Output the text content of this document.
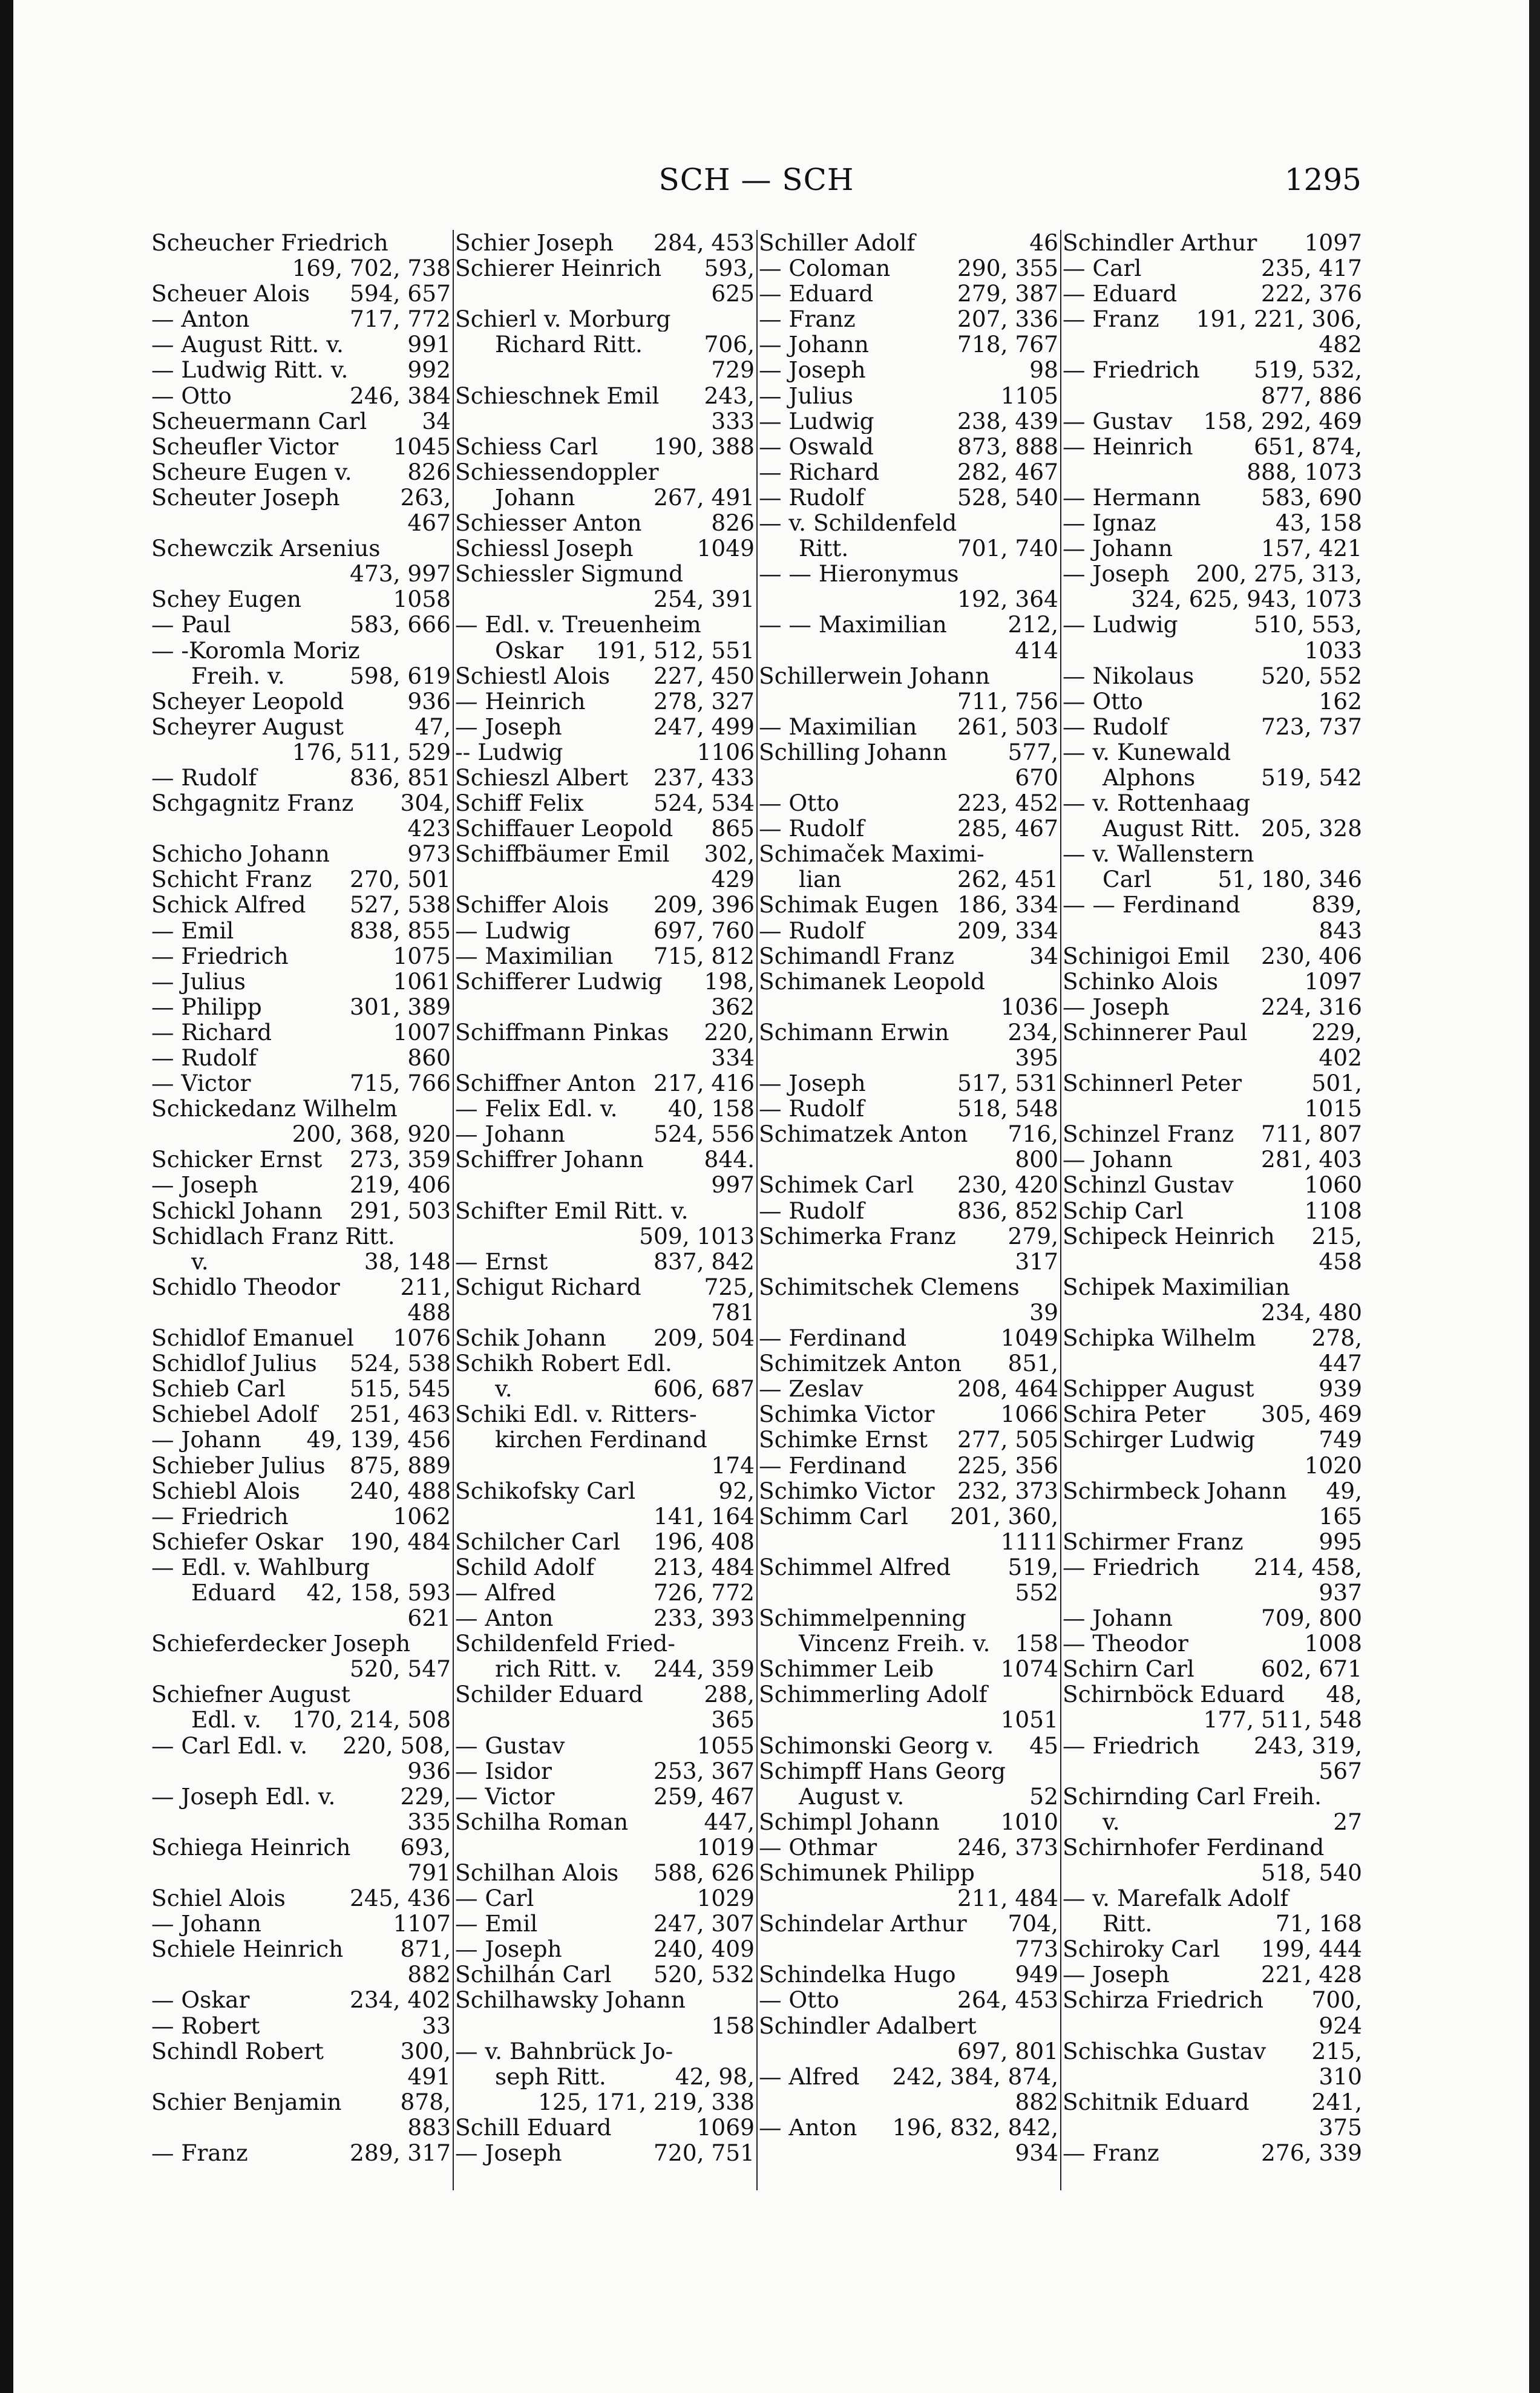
SCH — SCH	1295
Scheucher Friedrich
169, 702, 738
Scheuer Alois 594, 657
— Anton	717, 772
— August Ritt. v.	991
— Ludwig Ritt. v.	992
— Otto	246, 384
Scheuermann Carl 34
Scheufler Victor 1045
Scheure Eugen v. 826
Scheuter Joseph	263,
467
Schewczik Arsenius
473, 997
Schey Eugen	1058
— Paul	583, 666
— -Koromla Moriz
Freih. v.	598, 619
Scheyer Leopold	936
Scheyrer August	47,
176, 511, 529
— Rudolf	836, 851
Schgagnitz Franz 304,
423
Schicho Johann	973
Schicht Franz 270, 501
Schick Alfred 527, 538
— Emil	838, 855
— Friedrich	1075
— Julius	1061
— Philipp	301, 389
— Richard	1007
— Rudolf	860
— Victor	715, 766
Schickedanz Wilhelm
200, 368, 920
Schicker Ernst 273, 359
— Joseph	219, 406
Schickl Johann 291, 503
Schidlach Franz Ritt.
v.	38, 148
Schidlo Theodor	211,
488
Schidlof Emanuel 1076
Schidlof Julius 524, 538
Schieb Carl	515, 545
Schiebel Adolf 251, 463
— Johann 49, 139, 456
Schieber Julius 875, 889
Schiebl Alois 240, 488
— Friedrich	1062
Schiefer Oskar 190, 484
— Edl. v. Wahlburg
Eduard 42, 158, 593
621
Schieferdecker Joseph
520, 547
Schiefner August
Edl. v. 170, 214, 508
— Carl Edl. v. 220, 508,
936
— Joseph Edl. v.	229,
335
Schiega Heinrich 693,
791
Schiel Alois	245, 436
— Johann	1107
Schiele Heinrich	871,
882
— Oskar	234, 402
— Robert	33
Schindl Robert	300,
491
Schier Benjamin	878,
883
— Franz	289, 317
Schier Joseph 284, 453
Schierer Heinrich 593,
625
Schierl v. Morburg
Richard Ritt.	706,
729
Schieschnek Emil 243,
333
Schiess Carl 190, 388
Schiessendoppler
Johann	267, 491
Schiesser Anton	826
Schiessl Joseph	1049
Schiessler Sigmund
254, 391
— Edl. v. Treuenheim
Oskar 191, 512, 551
Schiestl Alois 227, 450
— Heinrich	278, 327
— Joseph	247, 499
-- Ludwig	1106
Schieszl Albert 237, 433
Schiff Felix	524, 534
Schiffauer Leopold 865
Schiffbäumer Emil 302,
429
Schiffer Alois 209, 396
— Ludwig	697, 760
— Maximilian 715, 812
Schifferer Ludwig 198,
362
Schiffmann Pinkas 220,
334
Schiffner Anton 217, 416
— Felix Edl. v. 40, 158
— Johann	524, 556
Schiffrer Johann	844.
997
Schifter Emil Ritt. v.
509, 1013
— Ernst	837, 842
Schigut Richard	725,
781
Schik Johann 209, 504
Schikh Robert Edl.
v.	606, 687
Schiki Edl. v. Ritters-
kirchen Ferdinand
174
Schikofsky Carl	92,
141, 164
Schilcher Carl 196, 408
Schild Adolf	213, 484
— Alfred	726, 772
— Anton	233, 393
Schildenfeld Fried-
rich Ritt. v. 244, 359
Schilder Eduard	288,
365
— Gustav	1055
— Isidor	253, 367
— Victor	259, 467
Schilha Roman	447,
1019
Schilhan Alois 588, 626
— Carl	1029
— Emil	247, 307
— Joseph	240, 409
Schilhán Carl 520, 532
Schilhawsky Johann
158
— v. Bahnbrück Jo-
seph Ritt.	42, 98,
125, 171, 219, 338
Schill Eduard	1069
— Joseph	720, 751
Schiller Adolf	46
— Coloman	290, 355
— Eduard	279, 387
— Franz	207, 336
— Johann	718, 767
— Joseph	98
— Julius	1105
— Ludwig	238, 439
— Oswald	873, 888
— Richard	282, 467
— Rudolf	528, 540
— v. Schildenfeld
Ritt.	701, 740
— — Hieronymus
192, 364
— — Maximilian	212,
414
Schillerwein Johann
711, 756
— Maximilian 261, 503
Schilling Johann	577,
670
— Otto	223, 452
— Rudolf	285, 467
Schimaček Maximi-
lian	262, 451
Schimak Eugen 186, 334
— Rudolf	209, 334
Schimandl Franz	34
Schimanek Leopold
1036
Schimann Erwin	234,
395
— Joseph	517, 531
— Rudolf	518, 548
Schimatzek Anton 716,
800
Schimek Carl 230, 420
— Rudolf	836, 852
Schimerka Franz 279,
317
Schimitschek Clemens
39
— Ferdinand	1049
Schimitzek Anton 851,
— Zeslav	208, 464
Schimka Victor	1066
Schimke Ernst 277, 505
— Ferdinand 225, 356
Schimko Victor 232, 373
Schimm Carl 201, 360,
1111
Schimmel Alfred	519,
552
Schimmelpenning
Vincenz Freih. v. 158
Schimmer Leib	1074
Schimmerling Adolf
1051
Schimonski Georg v. 45
Schimpff Hans Georg
August v.	52
Schimpl Johann	1010
— Othmar	246, 373
Schimunek Philipp
211, 484
Schindelar Arthur 704,
773
Schindelka Hugo	949
— Otto	264, 453
Schindler Adalbert
697, 801
— Alfred 242, 384, 874,
882
— Anton 196, 832, 842,
934
Schindler Arthur 1097
— Carl	235, 417
— Eduard	222, 376
— Franz 191, 221, 306,
482
— Friedrich 519, 532,
877, 886
— Gustav 158, 292, 469
— Heinrich	651, 874,
888, 1073
— Hermann	583, 690
— Ignaz	43, 158
— Johann	157, 421
— Joseph 200, 275, 313,
324, 625, 943, 1073
— Ludwig	510, 553,
1033
— Nikolaus	520, 552
— Otto	162
— Rudolf	723, 737
— v. Kunewald
Alphons	519, 542
— v. Rottenhaag
August Ritt. 205, 328
— v. Wallenstern
Carl	51, 180, 346
— — Ferdinand	839,
843
Schinigoi Emil 230, 406
Schinko Alois	1097
— Joseph	224, 316
Schinnerer Paul	229,
402
Schinnerl Peter	501,
1015
Schinzel Franz 711, 807
— Johann	281, 403
Schinzl Gustav	1060
Schip Carl	1108
Schipeck Heinrich 215,
458
Schipek Maximilian
234, 480
Schipka Wilhelm 278,
447
Schipper August	939
Schira Peter 305, 469
Schirger Ludwig	749
1020
Schirmbeck Johann 49,
165
Schirmer Franz	995
— Friedrich 214, 458,
937
— Johann	709, 800
— Theodor	1008
Schirn Carl	602, 671
Schirnböck Eduard 48,
177, 511, 548
— Friedrich 243, 319,
567
Schirnding Carl Freih.
v.	27
Schirnhofer Ferdinand
518, 540
— v. Marefalk Adolf
Ritt.	71, 168
Schiroky Carl 199, 444
— Joseph	221, 428
Schirza Friedrich 700,
924
Schischka Gustav 215,
310
Schitnik Eduard	241,
375
— Franz	276, 339
